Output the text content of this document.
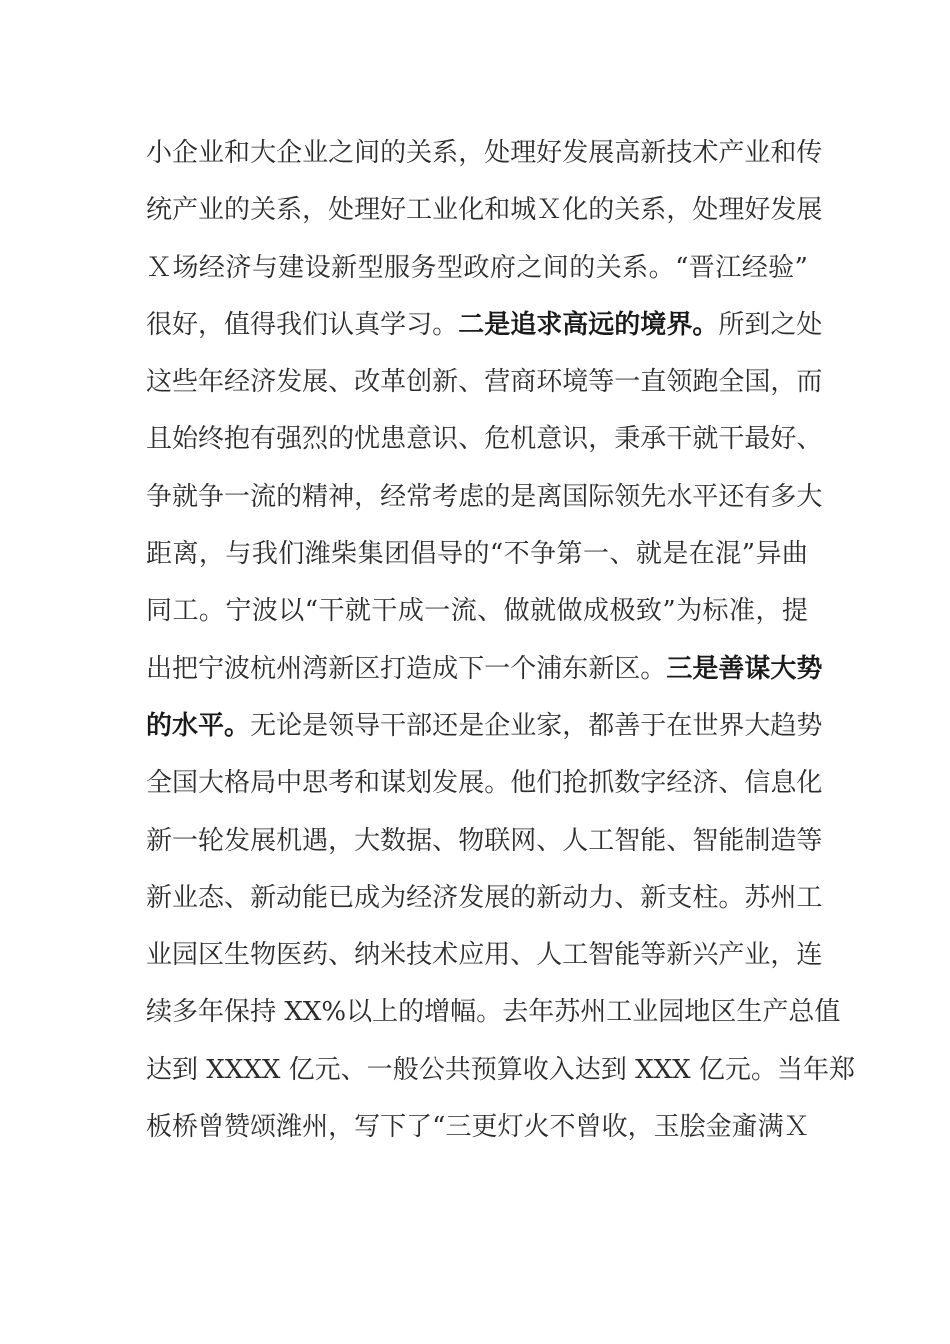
小 企 业 和 大 企 业 之 间 的 关 系 ， 处 理 好 发 展 高 新 技 术 产 业 和 传
统 产 业 的 关 系 ， 处 理 好 工 业 化 和 城 Ｘ 化 的 关 系 ， 处 理 好 发 展
Ｘ 场 经 济 与 建 设 新 型 服 务 型 政 府 之 间 的 关 系 。 “ 晋 江 经 验 ”
很 好 ， 值 得 我 们 认 真 学 习 。 二 是 追 求 高 远 的 境 界 。 所 到 之 处
这 些 年 经 济 发 展 、 改 革 创 新 、 营 商 环 境 等 一 直 领 跑 全 国 ， 而
且 始 终 抱 有 强 烈 的 忧 患 意 识 、 危 机 意 识 ， 秉 承 干 就 干 最 好 、
争 就 争 一 流 的 精 神 ， 经 常 考 虑 的 是 离 国 际 领 先 水 平 还 有 多 大
距 离 ， 与 我 们 潍 柴 集 团 倡 导 的 “ 不 争 第 一 、 就 是 在 混 ” 异 曲
同 工 。 宁 波 以 “ 干 就 干 成 一 流 、 做 就 做 成 极 致 ” 为 标 准 ， 提
出 把 宁 波 杭 州 湾 新 区 打 造 成 下 一 个 浦 东 新 区 。 三 是 善 谋 大 势
的 水 平 。 无 论 是 领 导 干 部 还 是 企 业 家 ， 都 善 于 在 世 界 大 趋 势
全 国 大 格 局 中 思 考 和 谋 划 发 展 。 他 们 抢 抓 数 字 经 济 、 信 息 化
新 一 轮 发 展 机 遇 ， 大 数 据 、 物 联 网 、 人 工 智 能 、 智 能 制 造 等
新 业 态 、 新 动 能 已 成 为 经 济 发 展 的 新 动 力 、 新 支 柱 。 苏 州 工
业 园 区 生 物 医 药 、 纳 米 技 术 应 用 、 人 工 智 能 等 新 兴 产 业 ， 连
续 多 年 保 持
X X % 以 上 的 增 幅 。 去 年 苏 州 工 业 园 地 区 生 产 总 值
达 到
X X X X
亿 元 、 一 般 公 共 预 算 收 入 达 到
X X X
亿 元 。 当 年 郑
板 桥 曾 赞 颂 潍 州 ， 写 下 了 “ 三 更 灯 火 不 曾 收 ， 玉 脍 金 齑 满 Ｘ
